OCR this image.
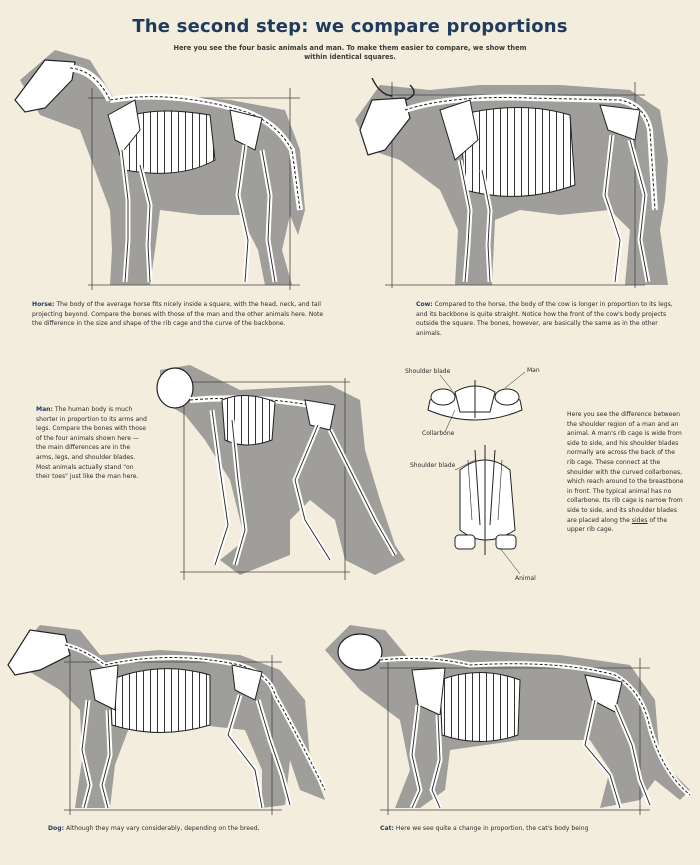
The second step: we compare proportions
Here you see the four basic animals and man. To make them easier to compare, we show them within identical squares.
Horse: The body of the average horse fits nicely inside a square, with the head, neck, and tail projecting beyond. Compare the bones with those of the man and the other animals here. Note the difference in the size and shape of the rib cage and the curve of the backbone.
Cow: Compared to the horse, the body of the cow is longer in proportion to its legs, and its backbone is quite straight. Notice how the front of the cow's body projects outside the square. The bones, however, are basically the same as in the other animals.
Man: The human body is much shorter in proportion to its arms and legs. Compare the bones with those of the four animals shown here — the main differences are in the arms, legs, and shoulder blades. Most animals actually stand "on their toes" just like the man here.
Shoulder blade	Man
Collarbone
Shoulder blade
Animal
Here you see the difference between the shoulder region of a man and an animal. A man's rib cage is wide from side to side, and his shoulder blades normally are across the back of the rib cage. These connect at the shoulder with the curved collarbones, which reach around to the breastbone in front. The typical animal has no collarbone. Its rib cage is narrow from side to side, and its shoulder blades are placed along the sides of the upper rib cage.
Dog: Although they may vary considerably, depending on the breed,	Cat: Here we see quite a change in proportion, the cat's body being
